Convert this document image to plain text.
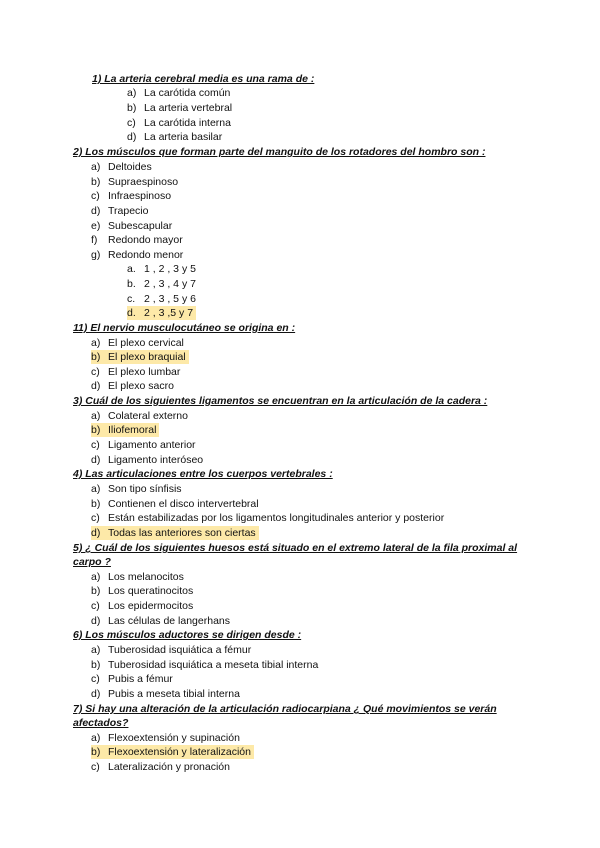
1) La arteria cerebral media es una rama de :
a) La carótida común
b) La arteria vertebral
c) La carótida interna
d) La arteria basilar
2) Los músculos que forman parte del manguito de los rotadores del hombro son :
a) Deltoides
b) Supraespinoso
c) Infraespinoso
d) Trapecio
e) Subescapular
f) Redondo mayor
g) Redondo menor
a. 1 , 2 , 3 y 5
b. 2 , 3 , 4 y 7
c. 2 , 3 , 5 y 6
d. 2 , 3 ,5 y 7
11) El nervio musculocutáneo se origina en :
a) El plexo cervical
b) El plexo braquial
c) El plexo lumbar
d) El plexo sacro
3) Cuál de los siguientes ligamentos se encuentran en la articulación de la cadera :
a) Colateral externo
b) Iliofemoral
c) Ligamento anterior
d) Ligamento interóseo
4) Las articulaciones entre los cuerpos vertebrales :
a) Son tipo sínfisis
b) Contienen el disco intervertebral
c) Están estabilizadas por los ligamentos longitudinales anterior y posterior
d) Todas las anteriores son ciertas
5) ¿ Cuál de los siguientes huesos está situado en el extremo lateral de la fila proximal al carpo ?
a) Los melanocitos
b) Los queratinocitos
c) Los epidermocitos
d) Las células de langerhans
6) Los músculos aductores se dirigen desde :
a) Tuberosidad isquiática a fémur
b) Tuberosidad isquiática a meseta tibial interna
c) Pubis a fémur
d) Pubis a meseta tibial interna
7) Si hay una alteración de la articulación radiocarpiana ¿ Qué movimientos se verán afectados?
a) Flexoextensión y supinación
b) Flexoextensión y lateralización
c) Lateralización y pronación
